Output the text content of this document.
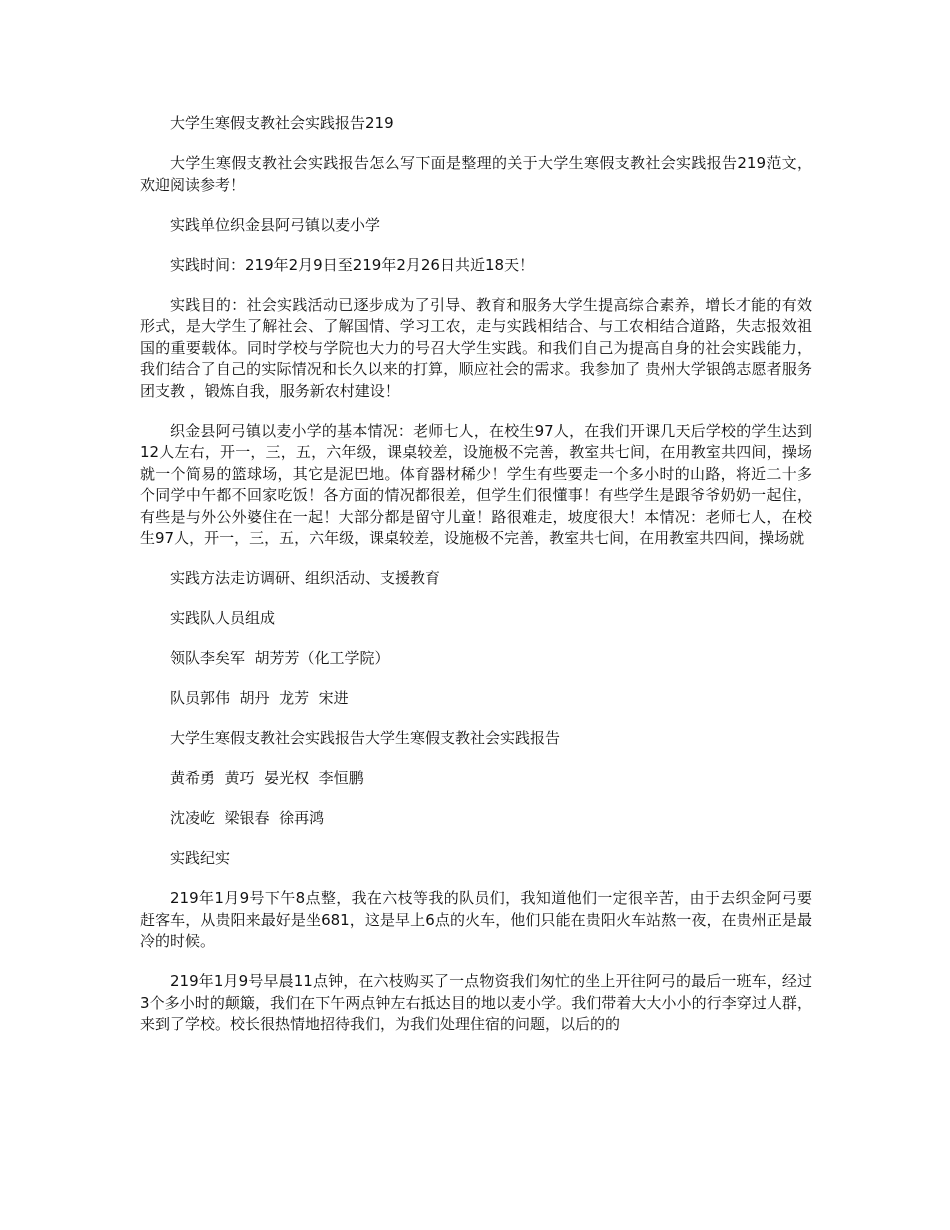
大学生寒假支教社会实践报告219

大学生寒假支教社会实践报告怎么写下面是整理的关于大学生寒假支教社会实践报告219范文，欢迎阅读参考！

实践单位织金县阿弓镇以麦小学

实践时间：219年2月9日至219年2月26日共近18天！

实践目的：社会实践活动已逐步成为了引导、教育和服务大学生提高综合素养，增长才能的有效形式，是大学生了解社会、了解国情、学习工农，走与实践相结合、与工农相结合道路，失志报效祖国的重要载体。同时学校与学院也大力的号召大学生实践。和我们自己为提高自身的社会实践能力，我们结合了自己的实际情况和长久以来的打算，顺应社会的需求。我参加了 贵州大学银鸽志愿者服务团支教 ，锻炼自我，服务新农村建设！

织金县阿弓镇以麦小学的基本情况：老师七人，在校生97人，在我们开课几天后学校的学生达到12人左右，开一，三，五，六年级，课桌较差，设施极不完善，教室共七间，在用教室共四间，操场就一个简易的篮球场，其它是泥巴地。体育器材稀少！学生有些要走一个多小时的山路，将近二十多个同学中午都不回家吃饭！各方面的情况都很差，但学生们很懂事！有些学生是跟爷爷奶奶一起住，有些是与外公外婆住在一起！大部分都是留守儿童！路很难走，坡度很大！本情况：老师七人，在校生97人，开一，三，五，六年级，课桌较差，设施极不完善，教室共七间，在用教室共四间，操场就

实践方法走访调研、组织活动、支援教育

实践队人员组成

领队李矣军  胡芳芳（化工学院）

队员郭伟  胡丹  龙芳  宋进

大学生寒假支教社会实践报告大学生寒假支教社会实践报告

黄希勇  黄巧  晏光权  李恒鹏

沈凌屹  梁银春  徐再鸿

实践纪实

219年1月9号下午8点整，我在六枝等我的队员们，我知道他们一定很辛苦，由于去织金阿弓要赶客车，从贵阳来最好是坐681，这是早上6点的火车，他们只能在贵阳火车站熬一夜，在贵州正是最冷的时候。

219年1月9号早晨11点钟，在六枝购买了一点物资我们匆忙的坐上开往阿弓的最后一班车，经过3个多小时的颠簸，我们在下午两点钟左右抵达目的地以麦小学。我们带着大大小小的行李穿过人群，来到了学校。校长很热情地招待我们，为我们处理住宿的问题，以后的的
